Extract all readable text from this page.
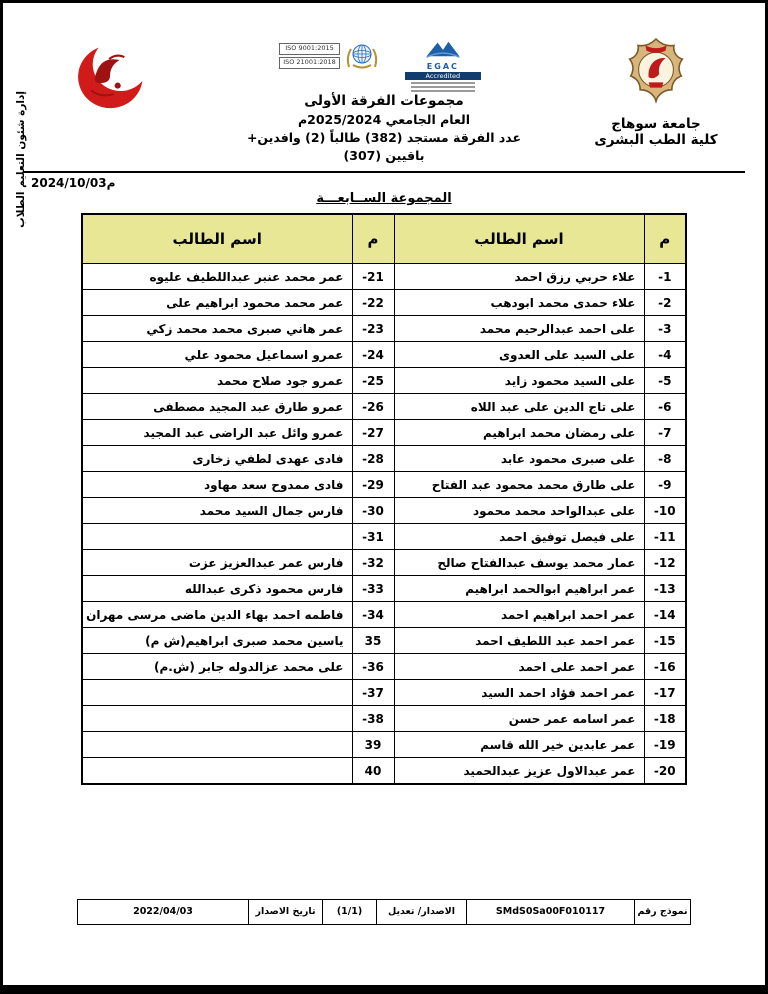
إدارة شئون التعليم الطلاب	جامعة سوهاج
كلية الطب البشرى
EGAC
Accredited
ISO 9001:2015
ISO 21001:2018
مجموعات الفرقة الأولى
العام الجامعي 2025/2024م
عدد الفرقة مستجد (382) طالباً (2) وافدين+
باقيين (307)
2024/10/03م
المجموعة الســابعـــة
م	اسم الطالب	م	اسم الطالب
1-	علاء حربي رزق احمد	21-	عمر محمد عنبر عبداللطيف عليوه
2-	علاء حمدى محمد ابودهب	22-	عمر محمد محمود ابراهيم على
3-	على احمد عبدالرحيم محمد	23-	عمر هاني صبرى محمد محمد زكي
4-	على السيد على العدوى	24-	عمرو اسماعيل محمود علي
5-	على السيد محمود زايد	25-	عمرو جود صلاح محمد
6-	على تاج الدين على عبد اللاه	26-	عمرو طارق عبد المجيد مصطفى
7-	على رمضان محمد ابراهيم	27-	عمرو وائل عبد الراضى عبد المجيد
8-	على صبرى محمود عابد	28-	فادى عهدى لطفي زخارى
9-	على طارق محمد محمود عبد الفتاح	29-	فادى ممدوح سعد مهاود
10-	على عبدالواحد محمد محمود	30-	فارس جمال السيد محمد
11-	على فيصل توفيق احمد	31-	
12-	عمار محمد يوسف عبدالفتاح صالح	32-	فارس عمر عبدالعزيز عزت
13-	عمر ابراهيم ابوالحمد ابراهيم	33-	فارس محمود ذكرى عبدالله
14-	عمر احمد ابراهيم احمد	34-	فاطمه احمد بهاء الدين ماضى مرسى مهران
15-	عمر احمد عبد اللطيف احمد	35	ياسين محمد صبرى ابراهيم(ش م)
16-	عمر احمد على احمد	36-	على محمد عزالدوله جابر (ش.م)
17-	عمر احمد فؤاد احمد السيد	37-	
18-	عمر اسامه عمر حسن	38-	
19-	عمر عابدين خير الله قاسم	39	
20-	عمر عبدالاول عزيز عبدالحميد	40	
نموذج رقم
SMdS0Sa00F010117
الاصدار/ تعديل
(1/1)
تاريخ الاصدار
2022/04/03
